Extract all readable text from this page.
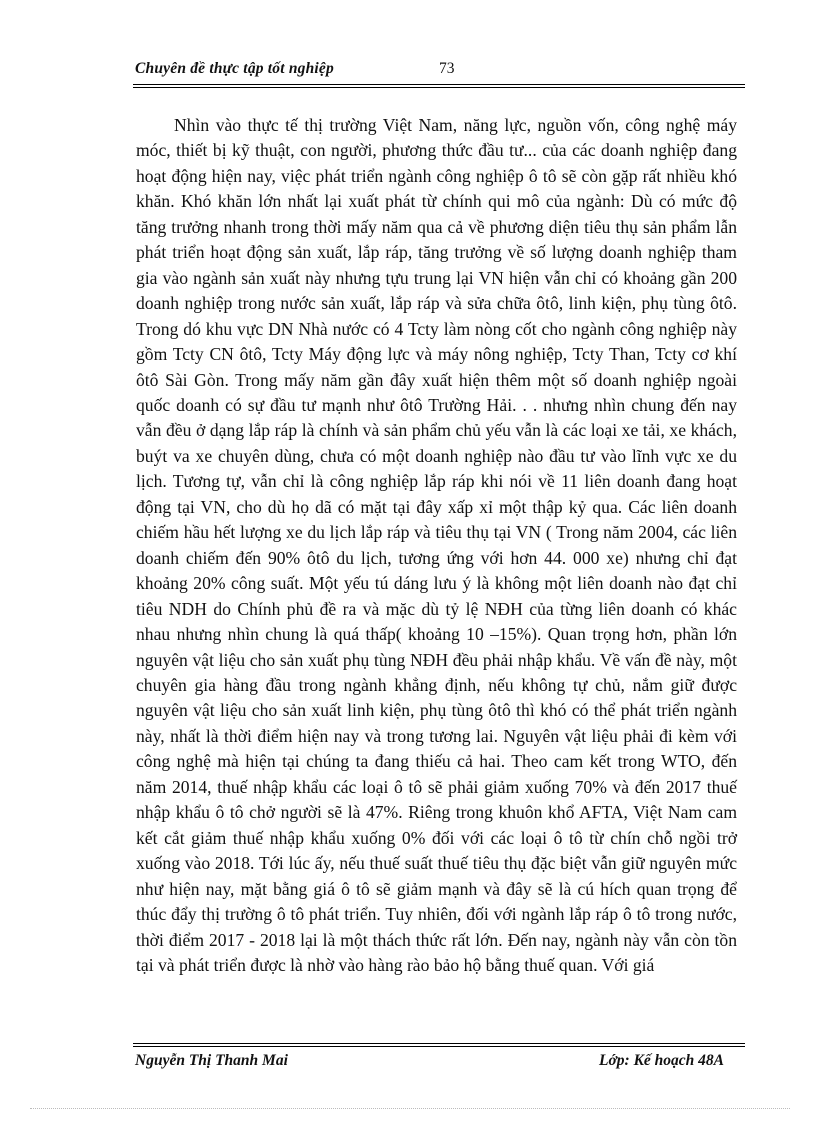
Chuyên đề thực tập tốt nghiệp	73

Nhìn vào thực tế thị trường Việt Nam, năng lực, nguồn vốn, công nghệ máy móc, thiết bị kỹ thuật, con người, phương thức đầu tư... của các doanh nghiệp đang hoạt động hiện nay, việc phát triển ngành công nghiệp ô tô sẽ còn gặp rất nhiều khó khăn. Khó khăn lớn nhất lại xuất phát từ chính qui mô của ngành: Dù có mức độ tăng trưởng nhanh trong thời mấy năm qua cả về phương diện tiêu thụ sản phẩm lẫn phát triển hoạt động sản xuất, lắp ráp, tăng trưởng về số lượng doanh nghiệp tham gia vào ngành sản xuất này nhưng tựu trung lại VN hiện vẫn chỉ có khoảng gần 200 doanh nghiệp trong nước sản xuất, lắp ráp và sửa chữa ôtô, linh kiện, phụ tùng ôtô. Trong dó khu vực DN Nhà nước có 4 Tcty làm nòng cốt cho ngành công nghiệp này gồm Tcty CN ôtô, Tcty Máy động lực và máy nông nghiệp, Tcty Than, Tcty cơ khí ôtô Sài Gòn. Trong mấy năm gần đây xuất hiện thêm một số doanh nghiệp ngoài quốc doanh có sự đầu tư mạnh như ôtô Trường Hải. . . nhưng nhìn chung đến nay vẫn đều ở dạng lắp ráp là chính và sản phẩm chủ yếu vẫn là các loại xe tải, xe khách, buýt va xe chuyên dùng, chưa có một doanh nghiệp nào đầu tư vào lĩnh vực xe du lịch. Tương tự, vẫn chỉ là công nghiệp lắp ráp khi nói về 11 liên doanh đang hoạt động tại VN, cho dù họ dã có mặt tại đây xấp xỉ một thập kỷ qua. Các liên doanh chiếm hầu hết lượng xe du lịch lắp ráp và tiêu thụ tại VN ( Trong năm 2004, các liên doanh chiếm đến 90% ôtô du lịch, tương ứng với hơn 44. 000 xe) nhưng chỉ đạt khoảng 20% công suất. Một yếu tú dáng lưu ý là không một liên doanh nào đạt chỉ tiêu NDH do Chính phủ đề ra và mặc dù tỷ lệ NĐH của từng liên doanh có khác nhau nhưng nhìn chung là quá thấp( khoảng 10 –15%). Quan trọng hơn, phần lớn nguyên vật liệu cho sản xuất phụ tùng NĐH đều phải nhập khẩu. Về vấn đề này, một chuyên gia hàng đầu trong ngành khẳng định, nếu không tự chủ, nắm giữ được nguyên vật liệu cho sản xuất linh kiện, phụ tùng ôtô thì khó có thể phát triển ngành này, nhất là thời điểm hiện nay và trong tương lai. Nguyên vật liệu phải đi kèm với công nghệ mà hiện tại chúng ta đang thiếu cả hai. Theo cam kết trong WTO, đến năm 2014, thuế nhập khẩu các loại ô tô sẽ phải giảm xuống 70% và đến 2017 thuế nhập khẩu ô tô chở người sẽ là 47%. Riêng trong khuôn khổ AFTA, Việt Nam cam kết cắt giảm thuế nhập khẩu xuống 0% đối với các loại ô tô từ chín chỗ ngồi trở xuống vào 2018. Tới lúc ấy, nếu thuế suất thuế tiêu thụ đặc biệt vẫn giữ nguyên mức như hiện nay, mặt bằng giá ô tô sẽ giảm mạnh và đây sẽ là cú hích quan trọng để thúc đẩy thị trường ô tô phát triển. Tuy nhiên, đối với ngành lắp ráp ô tô trong nước, thời điểm 2017 - 2018 lại là một thách thức rất lớn. Đến nay, ngành này vẫn còn tồn tại và phát triển được là nhờ vào hàng rào bảo hộ bằng thuế quan. Với giá

Nguyễn Thị Thanh Mai	Lớp: Kế hoạch 48A
